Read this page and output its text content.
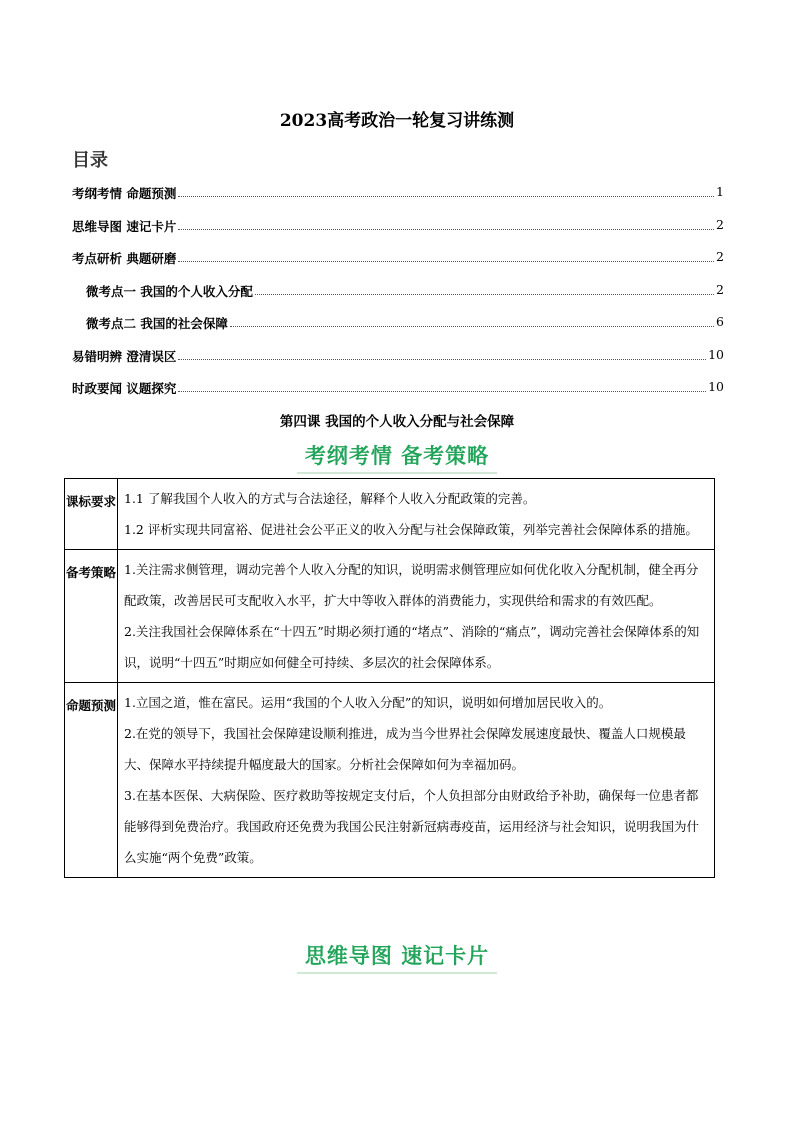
2023高考政治一轮复习讲练测
目录
考纲考情 命题预测	1
思维导图 速记卡片	2
考点研析 典题研磨	2
微考点一 我国的个人收入分配	2
微考点二 我国的社会保障	6
易错明辨 澄清误区	10
时政要闻 议题探究	10
第四课 我国的个人收入分配与社会保障
考纲考情 备考策略
课标要求	1.1 了解我国个人收入的方式与合法途径，解释个人收入分配政策的完善。

1.2 评析实现共同富裕、促进社会公平正义的收入分配与社会保障政策，列举完善社会保障体系的措施。

备考策略	1.关注需求侧管理，调动完善个人收入分配的知识，说明需求侧管理应如何优化收入分配机制，健全再分配政策，改善居民可支配收入水平，扩大中等收入群体的消费能力，实现供给和需求的有效匹配。

2.关注我国社会保障体系在“十四五”时期必须打通的“堵点”、消除的“痛点”，调动完善社会保障体系的知识，说明“十四五”时期应如何健全可持续、多层次的社会保障体系。

命题预测	1.立国之道，惟在富民。运用“我国的个人收入分配”的知识，说明如何增加居民收入的。

2.在党的领导下，我国社会保障建设顺利推进，成为当今世界社会保障发展速度最快、覆盖人口规模最大、保障水平持续提升幅度最大的国家。分析社会保障如何为幸福加码。

3.在基本医保、大病保险、医疗救助等按规定支付后，个人负担部分由财政给予补助，确保每一位患者都能够得到免费治疗。我国政府还免费为我国公民注射新冠病毒疫苗，运用经济与社会知识，说明我国为什么实施“两个免费”政策。

思维导图 速记卡片
